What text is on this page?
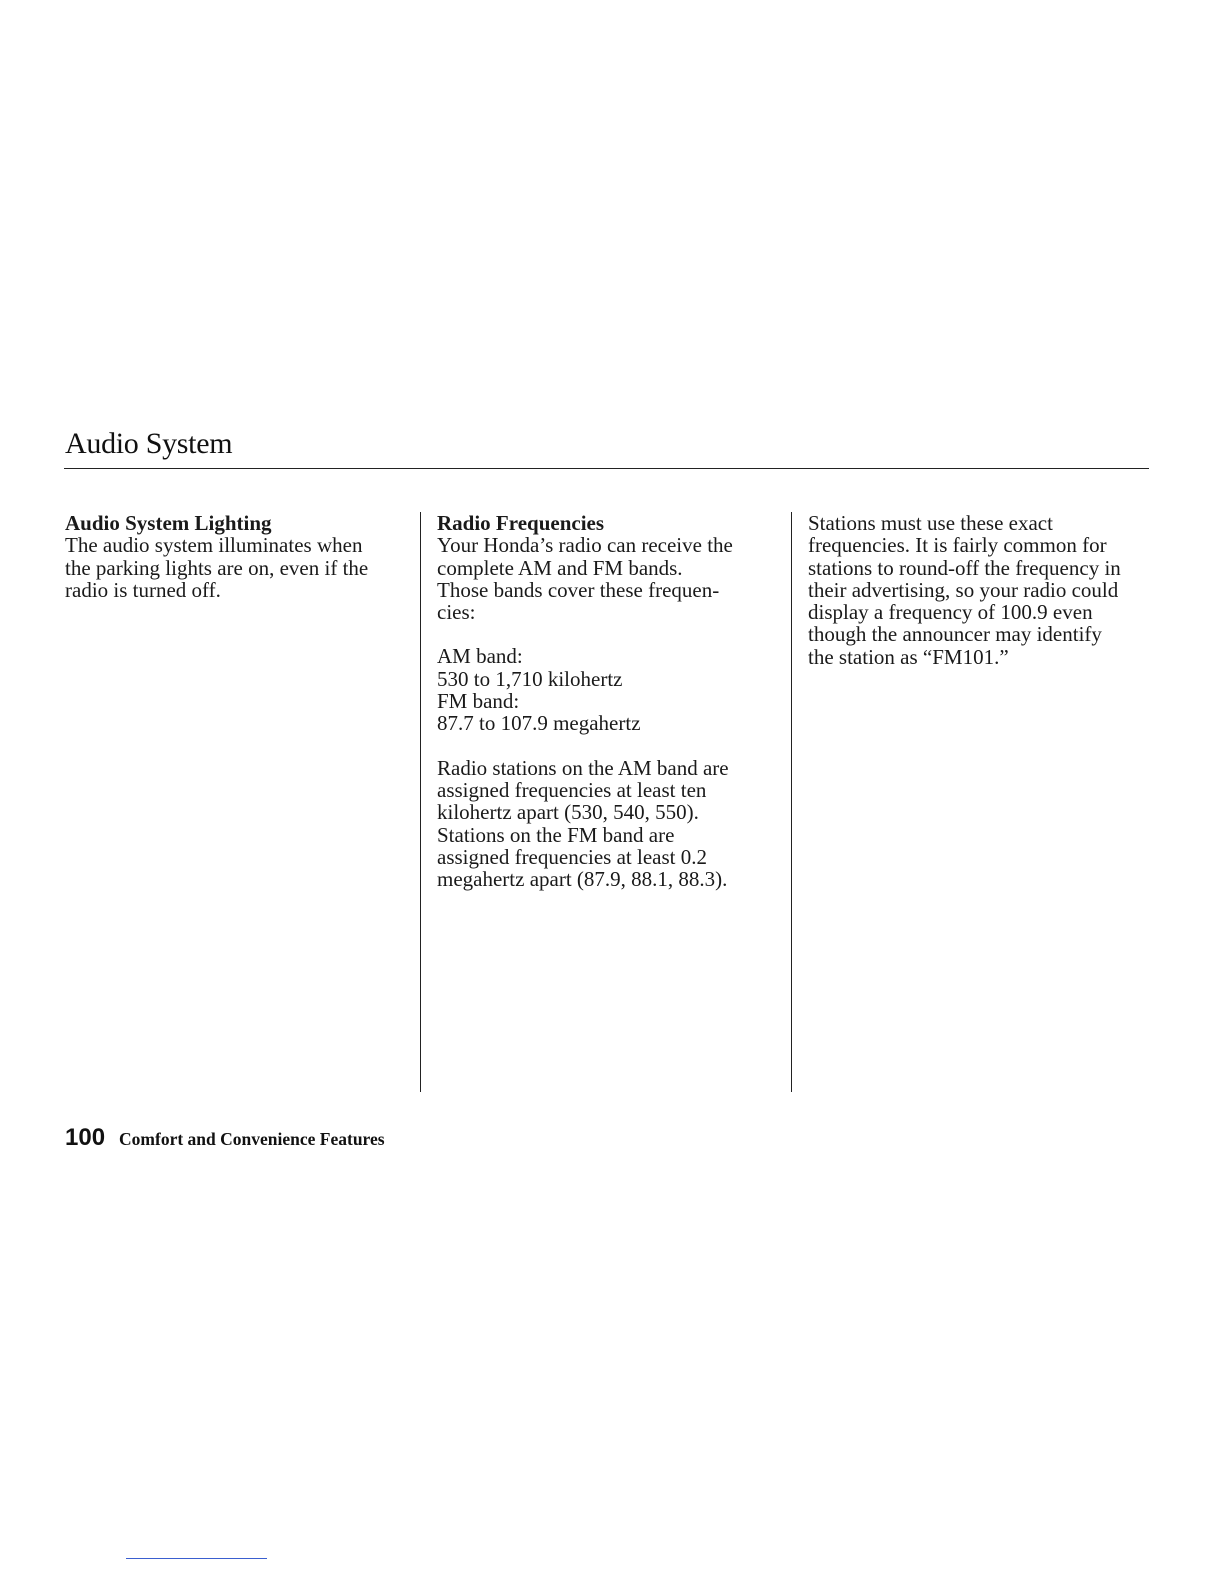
Audio System
Audio System Lighting

The audio system illuminates when
the parking lights are on, even if the
radio is turned off.

Radio Frequencies

Your Honda’s radio can receive the
complete AM and FM bands.
Those bands cover these frequen-
cies:

AM band:
530 to 1,710 kilohertz
FM band:
87.7 to 107.9 megahertz

Radio stations on the AM band are
assigned frequencies at least ten
kilohertz apart (530, 540, 550).
Stations on the FM band are
assigned frequencies at least 0.2
megahertz apart (87.9, 88.1, 88.3).

Stations must use these exact
frequencies. It is fairly common for
stations to round-off the frequency in
their advertising, so your radio could
display a frequency of 100.9 even
though the announcer may identify
the station as “FM101.”

100 Comfort and Convenience Features
